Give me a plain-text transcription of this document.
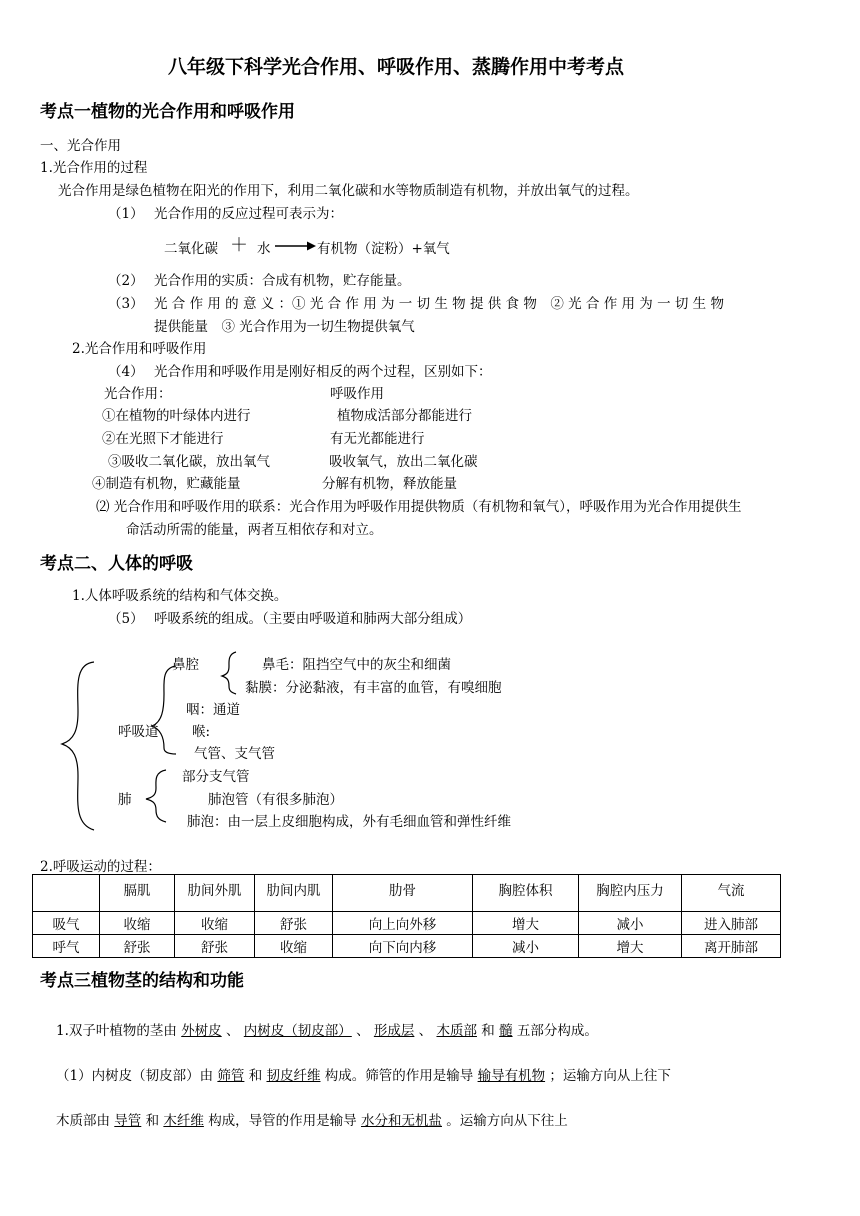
八年级下科学光合作用、呼吸作用、蒸腾作用中考考点
考点一植物的光合作用和呼吸作用
一、光合作用
1.光合作用的过程
光合作用是绿色植物在阳光的作用下，利用二氧化碳和水等物质制造有机物，并放出氧气的过程。
（1） 光合作用的反应过程可表示为：
二氧化碳 ＋ 水 → 有机物（淀粉）+氧气
（2） 光合作用的实质：合成有机物，贮存能量。
（3） 光 合 作 用 的 意 义 ：① 光 合 作 用 为 一 切 生 物 提 供 食 物　② 光 合 作 用 为 一 切 生 物
提供能量　③ 光合作用为一切生物提供氧气
2.光合作用和呼吸作用
（4） 光合作用和呼吸作用是刚好相反的两个过程，区别如下：
光合作用：	呼吸作用
①在植物的叶绿体内进行	植物成活部分都能进行
②在光照下才能进行	有无光都能进行
③吸收二氧化碳，放出氧气	吸收氧气，放出二氧化碳
④制造有机物，贮藏能量	分解有机物，释放能量
⑵ 光合作用和呼吸作用的联系：光合作用为呼吸作用提供物质（有机物和氧气），呼吸作用为光合作用提供生
命活动所需的能量，两者互相依存和对立。
考点二、人体的呼吸
1.人体呼吸系统的结构和气体交换。
（5） 呼吸系统的组成。（主要由呼吸道和肺两大部分组成）
鼻腔	鼻毛：阻挡空气中的灰尘和细菌
黏膜：分泌黏液，有丰富的血管，有嗅细胞
咽：通道
呼吸道 喉:
气管、支气管
部分支气管
肺	肺泡管（有很多肺泡）
肺泡：由一层上皮细胞构成，外有毛细血管和弹性纤维
2.呼吸运动的过程：
	膈肌	肋间外肌	肋间内肌	肋骨	胸腔体积	胸腔内压力	气流
吸气	收缩	收缩	舒张	向上向外移	增大	减小	进入肺部
呼气	舒张	舒张	收缩	向下向内移	减小	增大	离开肺部
考点三植物茎的结构和功能
1.双子叶植物的茎由 外树皮 、 内树皮（韧皮部） 、 形成层 、 木质部 和 髓 五部分构成。
（1）内树皮（韧皮部）由 筛管 和 韧皮纤维 构成。筛管的作用是输导 输导有机物 ；运输方向从上往下
木质部由 导管 和 木纤维 构成，导管的作用是输导 水分和无机盐 。运输方向从下往上
